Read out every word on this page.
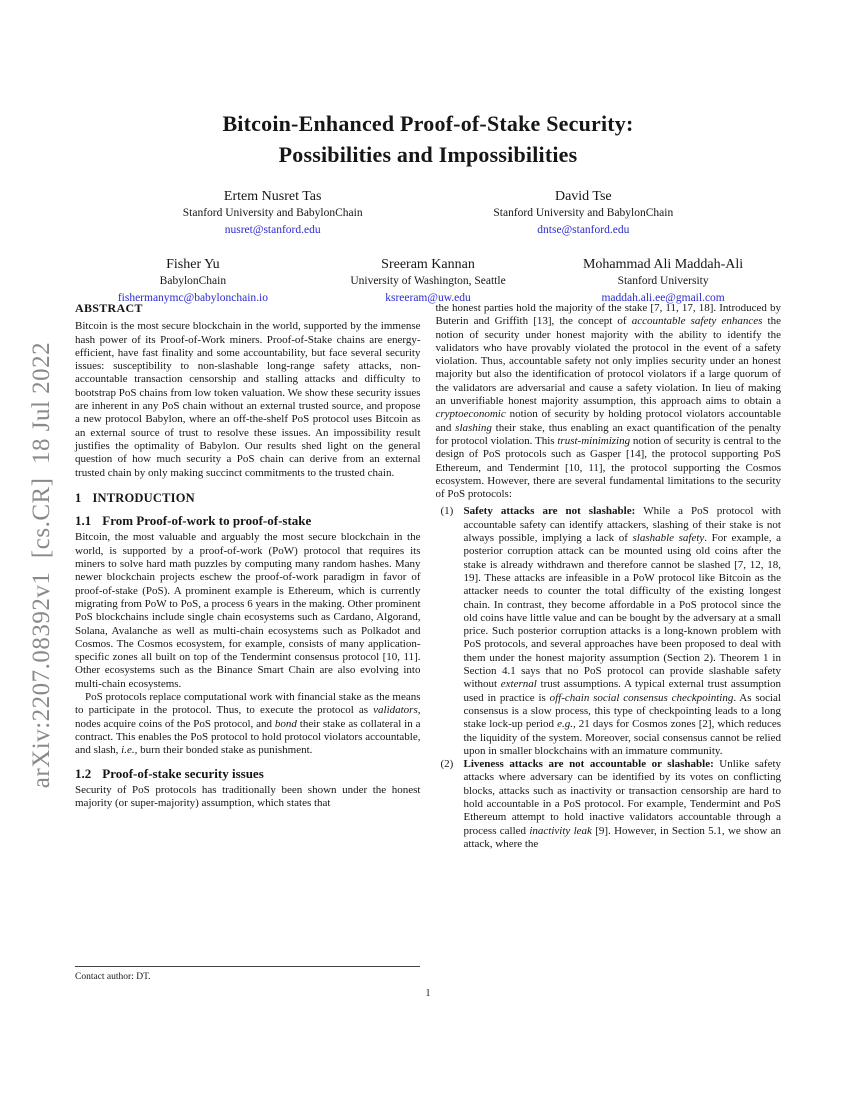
arXiv:2207.08392v1  [cs.CR]  18 Jul 2022
Bitcoin-Enhanced Proof-of-Stake Security:
Possibilities and Impossibilities
Ertem Nusret Tas
Stanford University and BabylonChain
nusret@stanford.edu
David Tse
Stanford University and BabylonChain
dntse@stanford.edu
Fisher Yu
BabylonChain
fishermanymc@babylonchain.io
Sreeram Kannan
University of Washington, Seattle
ksreeram@uw.edu
Mohammad Ali Maddah-Ali
Stanford University
maddah.ali.ee@gmail.com
ABSTRACT
Bitcoin is the most secure blockchain in the world, supported by the immense hash power of its Proof-of-Work miners. Proof-of-Stake chains are energy-efficient, have fast finality and some accountability, but face several security issues: susceptibility to non-slashable long-range safety attacks, non-accountable transaction censorship and stalling attacks and difficulty to bootstrap PoS chains from low token valuation. We show these security issues are inherent in any PoS chain without an external trusted source, and propose a new protocol Babylon, where an off-the-shelf PoS protocol uses Bitcoin as an external source of trust to resolve these issues. An impossibility result justifies the optimality of Babylon. Our results shed light on the general question of how much security a PoS chain can derive from an external trusted chain by only making succinct commitments to the trusted chain.
1 INTRODUCTION
1.1 From Proof-of-work to proof-of-stake
Bitcoin, the most valuable and arguably the most secure blockchain in the world, is supported by a proof-of-work (PoW) protocol that requires its miners to solve hard math puzzles by computing many random hashes. Many newer blockchain projects eschew the proof-of-work paradigm in favor of proof-of-stake (PoS). A prominent example is Ethereum, which is currently migrating from PoW to PoS, a process 6 years in the making. Other prominent PoS blockchains include single chain ecosystems such as Cardano, Algorand, Solana, Avalanche as well as multi-chain ecosystems such as Polkadot and Cosmos. The Cosmos ecosystem, for example, consists of many application-specific zones all built on top of the Tendermint consensus protocol [10, 11]. Other ecosystems such as the Binance Smart Chain are also evolving into multi-chain ecosystems.
PoS protocols replace computational work with financial stake as the means to participate in the protocol. Thus, to execute the protocol as validators, nodes acquire coins of the PoS protocol, and bond their stake as collateral in a contract. This enables the PoS protocol to hold protocol violators accountable, and slash, i.e., burn their bonded stake as punishment.
1.2 Proof-of-stake security issues
Security of PoS protocols has traditionally been shown under the honest majority (or super-majority) assumption, which states that
the honest parties hold the majority of the stake [7, 11, 17, 18]. Introduced by Buterin and Griffith [13], the concept of accountable safety enhances the notion of security under honest majority with the ability to identify the validators who have provably violated the protocol in the event of a safety violation. Thus, accountable safety not only implies security under an honest majority but also the identification of protocol violators if a large quorum of the validators are adversarial and cause a safety violation. In lieu of making an unverifiable honest majority assumption, this approach aims to obtain a cryptoeconomic notion of security by holding protocol violators accountable and slashing their stake, thus enabling an exact quantification of the penalty for protocol violation. This trust-minimizing notion of security is central to the design of PoS protocols such as Gasper [14], the protocol supporting PoS Ethereum, and Tendermint [10, 11], the protocol supporting the Cosmos ecosystem. However, there are several fundamental limitations to the security of PoS protocols:
(1) Safety attacks are not slashable: While a PoS protocol with accountable safety can identify attackers, slashing of their stake is not always possible, implying a lack of slashable safety. For example, a posterior corruption attack can be mounted using old coins after the stake is already withdrawn and therefore cannot be slashed [7, 12, 18, 19]. These attacks are infeasible in a PoW protocol like Bitcoin as the attacker needs to counter the total difficulty of the existing longest chain. In contrast, they become affordable in a PoS protocol since the old coins have little value and can be bought by the adversary at a small price. Such posterior corruption attacks is a long-known problem with PoS protocols, and several approaches have been proposed to deal with them under the honest majority assumption (Section 2). Theorem 1 in Section 4.1 says that no PoS protocol can provide slashable safety without external trust assumptions. A typical external trust assumption used in practice is off-chain social consensus checkpointing. As social consensus is a slow process, this type of checkpointing leads to a long stake lock-up period e.g., 21 days for Cosmos zones [2], which reduces the liquidity of the system. Moreover, social consensus cannot be relied upon in smaller blockchains with an immature community.
(2) Liveness attacks are not accountable or slashable: Unlike safety attacks where adversary can be identified by its votes on conflicting blocks, attacks such as inactivity or transaction censorship are hard to hold accountable in a PoS protocol. For example, Tendermint and PoS Ethereum attempt to hold inactive validators accountable through a process called inactivity leak [9]. However, in Section 5.1, we show an attack, where the
Contact author: DT.
1
